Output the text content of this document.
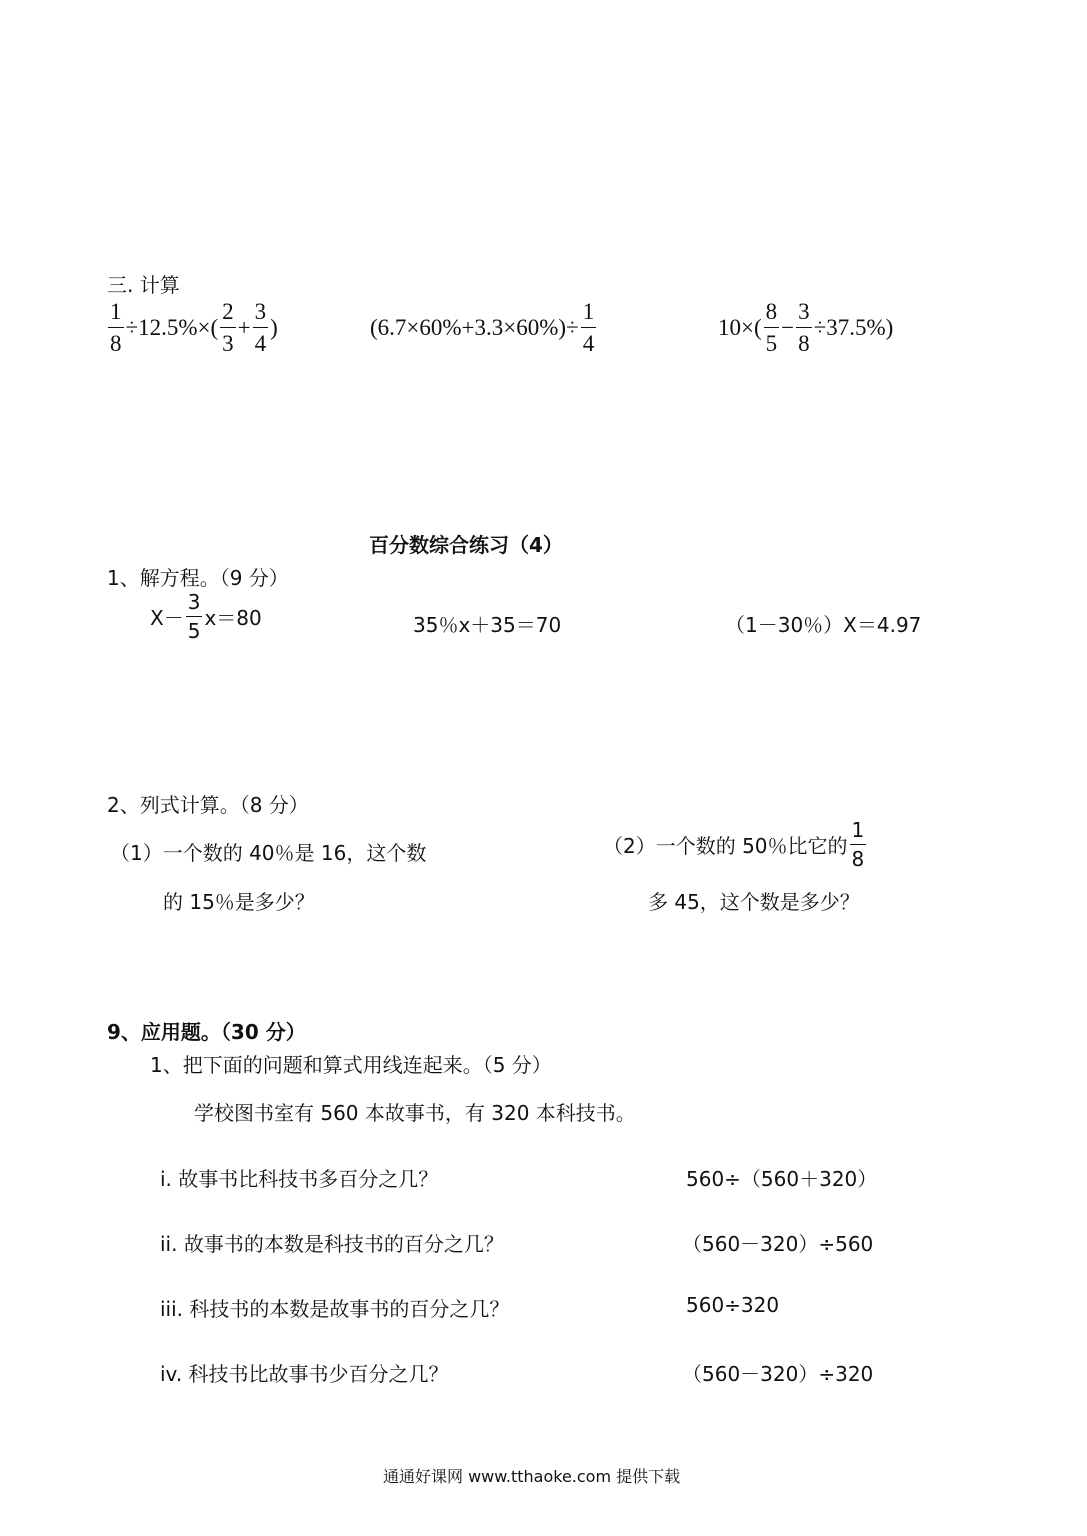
三. 计算
$\frac{1}{8} \div 12.5\%\times( \frac{2}{3} + \frac{3}{4}$ )	$(6.7\times 60\%+3.3\times 60\%)\div \frac{1}{4}$	$10\times( \frac{8}{5} - \frac{3}{8} \div 37.5\%)$
百分数综合练习（4）
1、解方程。（9 分）
$X- \frac{3}{5} x=80$	35％x＋35＝70	（1－30％）X＝4.97
2、列式计算。（8 分）
（1）一个数的 40％是 16，这个数
的 15％是多少？
（2）一个数的 50％比它的 $\frac{1}{8}$
多 45，这个数是多少？
9、应用题。（30 分）
1、把下面的问题和算式用线连起来。（5 分）
学校图书室有 560 本故事书，有 320 本科技书。
i. 故事书比科技书多百分之几？	560÷（560＋320）
ii. 故事书的本数是科技书的百分之几？	（560－320）÷560
iii. 科技书的本数是故事书的百分之几？	560÷320
iv. 科技书比故事书少百分之几？	（560－320）÷320
通通好课网 www.tthaoke.com 提供下载
